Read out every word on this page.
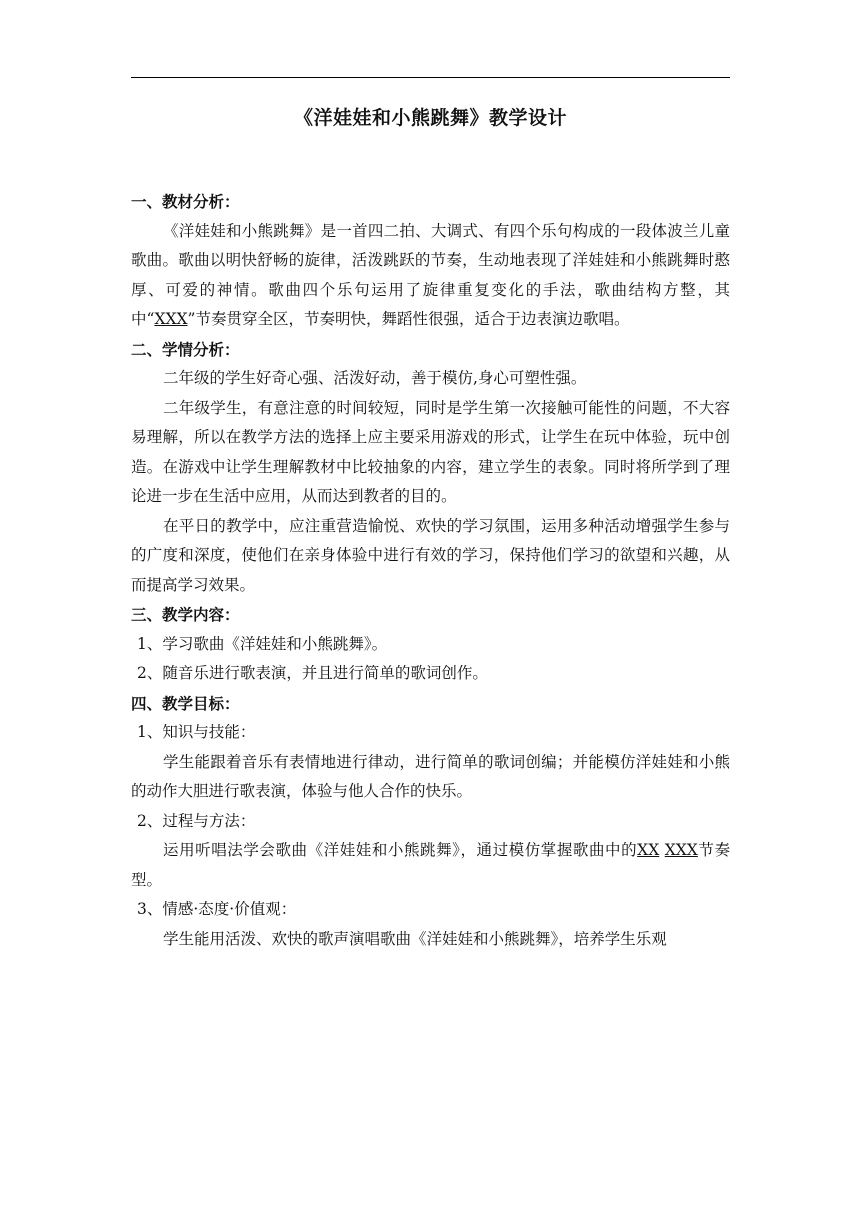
《洋娃娃和小熊跳舞》教学设计

一、教材分析：

《洋娃娃和小熊跳舞》是一首四二拍、大调式、有四个乐句构成的一段体波兰儿童歌曲。歌曲以明快舒畅的旋律，活泼跳跃的节奏，生动地表现了洋娃娃和小熊跳舞时憨厚、可爱的神情。歌曲四个乐句运用了旋律重复变化的手法，歌曲结构方整，其中“XXX”节奏贯穿全区，节奏明快，舞蹈性很强，适合于边表演边歌唱。

二、学情分析：

二年级的学生好奇心强、活泼好动，善于模仿,身心可塑性强。

二年级学生，有意注意的时间较短，同时是学生第一次接触可能性的问题，不大容易理解，所以在教学方法的选择上应主要采用游戏的形式，让学生在玩中体验，玩中创造。在游戏中让学生理解教材中比较抽象的内容，建立学生的表象。同时将所学到了理论进一步在生活中应用，从而达到教者的目的。

在平日的教学中，应注重营造愉悦、欢快的学习氛围，运用多种活动增强学生参与的广度和深度，使他们在亲身体验中进行有效的学习，保持他们学习的欲望和兴趣，从而提高学习效果。

三、教学内容：

1、学习歌曲《洋娃娃和小熊跳舞》。

2、随音乐进行歌表演，并且进行简单的歌词创作。

四、教学目标：

1、知识与技能：

学生能跟着音乐有表情地进行律动，进行简单的歌词创编；并能模仿洋娃娃和小熊的动作大胆进行歌表演，体验与他人合作的快乐。

2、过程与方法：

运用听唱法学会歌曲《洋娃娃和小熊跳舞》，通过模仿掌握歌曲中的XX XXX节奏型。

3、情感·态度·价值观：

学生能用活泼、欢快的歌声演唱歌曲《洋娃娃和小熊跳舞》，培养学生乐观
